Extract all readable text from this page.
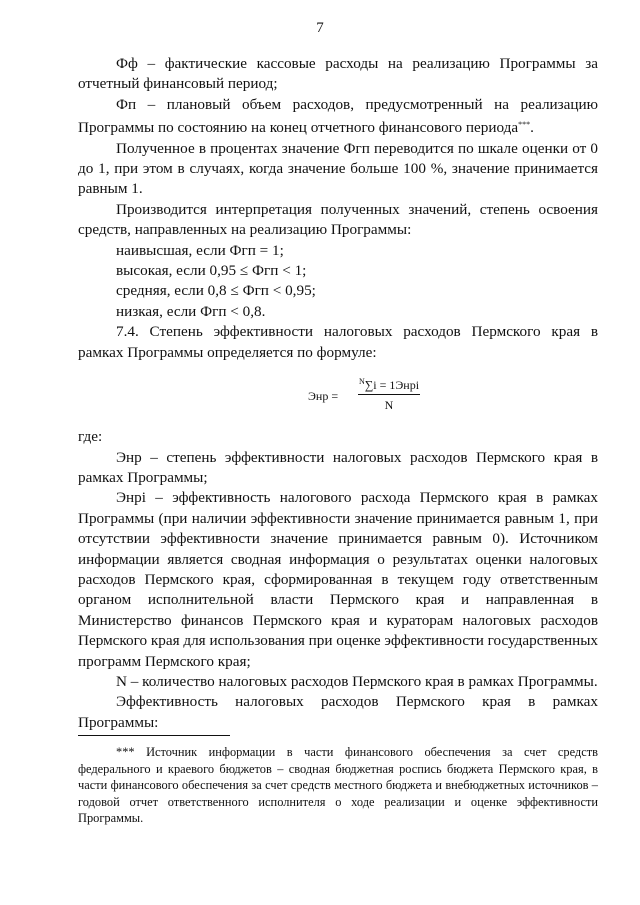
7

Фф – фактические кассовые расходы на реализацию Программы за отчетный финансовый период;

Фп – плановый объем расходов, предусмотренный на реализацию Программы по состоянию на конец отчетного финансового периода***.

Полученное в процентах значение Фгп переводится по шкале оценки от 0 до 1, при этом в случаях, когда значение больше 100 %, значение принимается равным 1.

Производится интерпретация полученных значений, степень освоения средств, направленных на реализацию Программы:

наивысшая, если Фгп = 1;
высокая, если 0,95 ≤ Фгп < 1;
средняя, если 0,8 ≤ Фгп < 0,95;
низкая, если Фгп < 0,8.

7.4. Степень эффективности налоговых расходов Пермского края в рамках Программы определяется по формуле:

Энр =
$^N$∑i = 1Энрi
N

где:

Энр – степень эффективности налоговых расходов Пермского края в рамках Программы;

Энрi – эффективность налогового расхода Пермского края в рамках Программы (при наличии эффективности значение принимается равным 1, при отсутствии эффективности значение принимается равным 0). Источником информации является сводная информация о результатах оценки налоговых расходов Пермского края, сформированная в текущем году ответственным органом исполнительной власти Пермского края и направленная в Министерство финансов Пермского края и кураторам налоговых расходов Пермского края для использования при оценке эффективности государственных программ Пермского края;

N – количество налоговых расходов Пермского края в рамках Программы.

Эффективность налоговых расходов Пермского края в рамках Программы:

*** Источник информации в части финансового обеспечения за счет средств федерального и краевого бюджетов – сводная бюджетная роспись бюджета Пермского края, в части финансового обеспечения за счет средств местного бюджета и внебюджетных источников – годовой отчет ответственного исполнителя о ходе реализации и оценке эффективности Программы.
